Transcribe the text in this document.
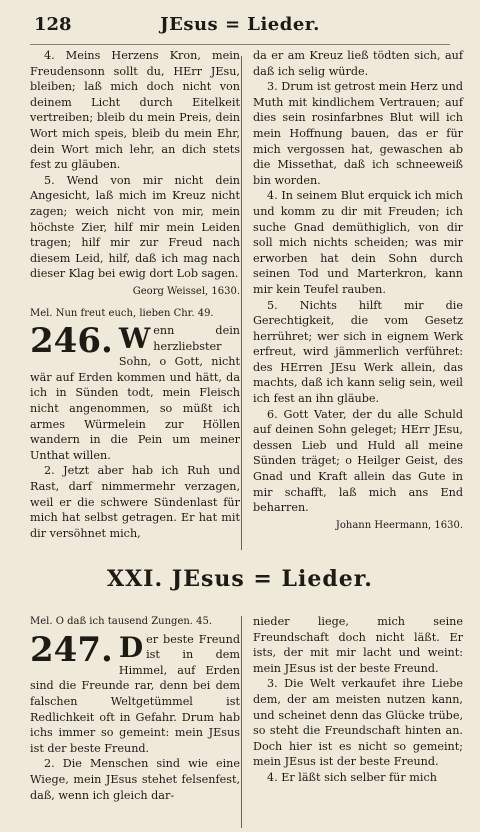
128	JEsus = Lieder.

4. Meins Herzens Kron, mein Freudensonn sollt du, HErr JEsu, bleiben; laß mich doch nicht von deinem Licht durch Eitelkeit vertreiben; bleib du mein Preis, dein Wort mich speis, bleib du mein Ehr, dein Wort mich lehr, an dich stets fest zu gläuben.

5. Wend von mir nicht dein Angesicht, laß mich im Kreuz nicht zagen; weich nicht von mir, mein höchste Zier, hilf mir mein Leiden tragen; hilf mir zur Freud nach diesem Leid, hilf, daß ich mag nach dieser Klag bei ewig dort Lob sagen.

Georg Weissel, 1630.

Mel. Nun freut euch, lieben Chr. 49.

246. W enn dein herzliebster Sohn, o Gott, nicht wär auf Erden kommen und hätt, da ich in Sünden todt, mein Fleisch nicht angenommen, so müßt ich armes Würmelein zur Höllen wandern in die Pein um meiner Unthat willen.

2. Jetzt aber hab ich Ruh und Rast, darf nimmermehr verzagen, weil er die schwere Sündenlast für mich hat selbst getragen. Er hat mit dir versöhnet mich,

da er am Kreuz ließ tödten sich, auf daß ich selig würde.

3. Drum ist getrost mein Herz und Muth mit kindlichem Vertrauen; auf dies sein rosinfarbnes Blut will ich mein Hoffnung bauen, das er für mich vergossen hat, gewaschen ab die Missethat, daß ich schneeweiß bin worden.

4. In seinem Blut erquick ich mich und komm zu dir mit Freuden; ich suche Gnad demüthiglich, von dir soll mich nichts scheiden; was mir erworben hat dein Sohn durch seinen Tod und Marterkron, kann mir kein Teufel rauben.

5. Nichts hilft mir die Gerechtigkeit, die vom Gesetz herrühret; wer sich in eignem Werk erfreut, wird jämmerlich verführet: des HErren JEsu Werk allein, das machts, daß ich kann selig sein, weil ich fest an ihn gläube.

6. Gott Vater, der du alle Schuld auf deinen Sohn geleget; HErr JEsu, dessen Lieb und Huld all meine Sünden träget; o Heilger Geist, des Gnad und Kraft allein das Gute in mir schafft, laß mich ans End beharren.

Johann Heermann, 1630.

XXI. JEsus = Lieder.

Mel. O daß ich tausend Zungen. 45.

247. D er beste Freund ist in dem Himmel, auf Erden sind die Freunde rar, denn bei dem falschen Weltgetümmel ist Redlichkeit oft in Gefahr. Drum hab ichs immer so gemeint: mein JEsus ist der beste Freund.

2. Die Menschen sind wie eine Wiege, mein JEsus stehet felsenfest, daß, wenn ich gleich dar-

nieder liege, mich seine Freundschaft doch nicht läßt. Er ists, der mit mir lacht und weint: mein JEsus ist der beste Freund.

3. Die Welt verkaufet ihre Liebe dem, der am meisten nutzen kann, und scheinet denn das Glücke trübe, so steht die Freundschaft hinten an. Doch hier ist es nicht so gemeint; mein JEsus ist der beste Freund.

4. Er läßt sich selber für mich
